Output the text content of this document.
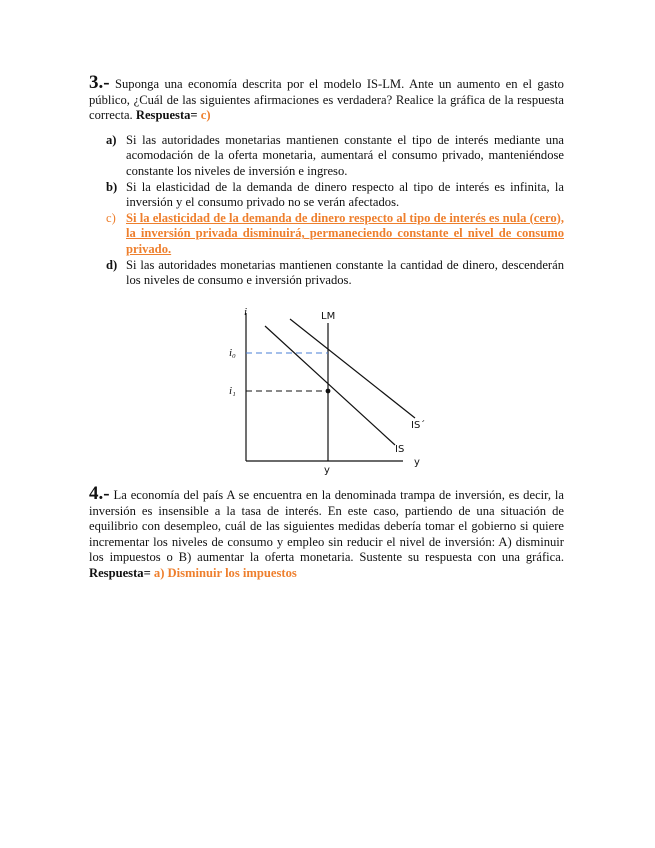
3.- Suponga una economía descrita por el modelo IS-LM. Ante un aumento en el gasto público, ¿Cuál de las siguientes afirmaciones es verdadera? Realice la gráfica de la respuesta correcta. Respuesta= c)

a) Si las autoridades monetarias mantienen constante el tipo de interés mediante una acomodación de la oferta monetaria, aumentará el consumo privado, manteniéndose constante los niveles de inversión e ingreso.
b) Si la elasticidad de la demanda de dinero respecto al tipo de interés es infinita, la inversión y el consumo privado no se verán afectados.
c) Si la elasticidad de la demanda de dinero respecto al tipo de interés es nula (cero), la inversión privada disminuirá, permaneciendo constante el nivel de consumo privado.
d) Si las autoridades monetarias mantienen constante la cantidad de dinero, descenderán los niveles de consumo e inversión privados.
i	LM
i₀
i₁
IS´
IS
y
y

4.- La economía del país A se encuentra en la denominada trampa de inversión, es decir, la inversión es insensible a la tasa de interés. En este caso, partiendo de una situación de equilibrio con desempleo, cuál de las siguientes medidas debería tomar el gobierno si quiere incrementar los niveles de consumo y empleo sin reducir el nivel de inversión: A) disminuir los impuestos o B) aumentar la oferta monetaria. Sustente su respuesta con una gráfica. Respuesta= a) Disminuir los impuestos
